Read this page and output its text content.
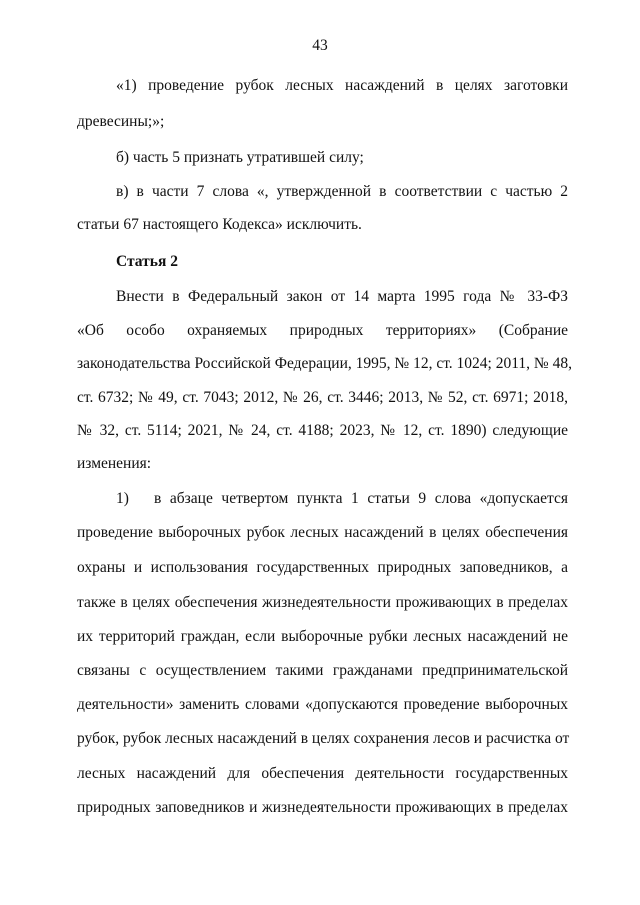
43
«1) проведение рубок лесных насаждений в целях заготовки
древесины;»;
б) часть 5 признать утратившей силу;
в) в части 7 слова «, утвержденной в соответствии с частью 2
статьи 67 настоящего Кодекса» исключить.
Статья 2
Внести в Федеральный закон от 14 марта 1995 года № 33-ФЗ
«Об особо охраняемых природных территориях» (Собрание
законодательства Российской Федерации, 1995, № 12, ст. 1024; 2011, № 48,
ст. 6732; № 49, ст. 7043; 2012, № 26, ст. 3446; 2013, № 52, ст. 6971; 2018,
№ 32, ст. 5114; 2021, № 24, ст. 4188; 2023, № 12, ст. 1890) следующие
изменения:
1) в абзаце четвертом пункта 1 статьи 9 слова «допускается
проведение выборочных рубок лесных насаждений в целях обеспечения
охраны и использования государственных природных заповедников, а
также в целях обеспечения жизнедеятельности проживающих в пределах
их территорий граждан, если выборочные рубки лесных насаждений не
связаны с осуществлением такими гражданами предпринимательской
деятельности» заменить словами «допускаются проведение выборочных
рубок, рубок лесных насаждений в целях сохранения лесов и расчистка от
лесных насаждений для обеспечения деятельности государственных
природных заповедников и жизнедеятельности проживающих в пределах
